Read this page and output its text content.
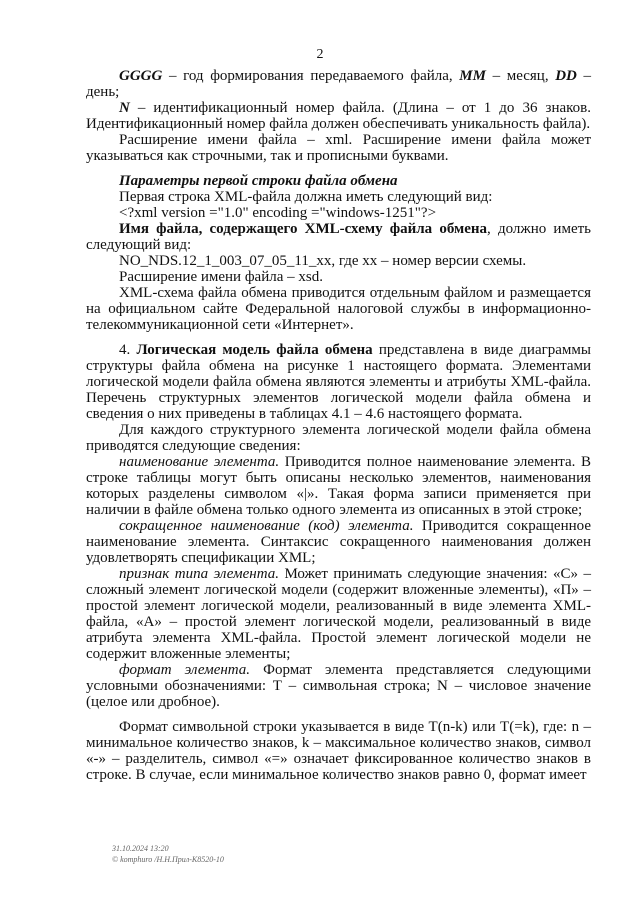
2

GGGG – год формирования передаваемого файла, MM – месяц, DD – день;

N – идентификационный номер файла. (Длина – от 1 до 36 знаков. Идентификационный номер файла должен обеспечивать уникальность файла).

Расширение имени файла – xml. Расширение имени файла может указываться как строчными, так и прописными буквами.

Параметры первой строки файла обмена

Первая строка XML-файла должна иметь следующий вид:

<?xml version ="1.0" encoding ="windows-1251"?>

Имя файла, содержащего XML-схему файла обмена, должно иметь следующий вид:

NO_NDS.12_1_003_07_05_11_xx, где хх – номер версии схемы.

Расширение имени файла – xsd.

XML-схема файла обмена приводится отдельным файлом и размещается на официальном сайте Федеральной налоговой службы в информационно-телекоммуникационной сети «Интернет».

4. Логическая модель файла обмена представлена в виде диаграммы структуры файла обмена на рисунке 1 настоящего формата. Элементами логической модели файла обмена являются элементы и атрибуты XML-файла. Перечень структурных элементов логической модели файла обмена и сведения о них приведены в таблицах 4.1 – 4.6 настоящего формата.

Для каждого структурного элемента логической модели файла обмена приводятся следующие сведения:

наименование элемента. Приводится полное наименование элемента. В строке таблицы могут быть описаны несколько элементов, наименования которых разделены символом «|». Такая форма записи применяется при наличии в файле обмена только одного элемента из описанных в этой строке;

сокращенное наименование (код) элемента. Приводится сокращенное наименование элемента. Синтаксис сокращенного наименования должен удовлетворять спецификации XML;

признак типа элемента. Может принимать следующие значения: «С» – сложный элемент логической модели (содержит вложенные элементы), «П» – простой элемент логической модели, реализованный в виде элемента XML-файла, «А» – простой элемент логической модели, реализованный в виде атрибута элемента XML-файла. Простой элемент логической модели не содержит вложенные элементы;

формат элемента. Формат элемента представляется следующими условными обозначениями: Т – символьная строка; N – числовое значение (целое или дробное).

Формат символьной строки указывается в виде Т(n-k) или Т(=k), где: n – минимальное количество знаков, k – максимальное количество знаков, символ «-» – разделитель, символ «=» означает фиксированное количество знаков в строке. В случае, если минимальное количество знаков равно 0, формат имеет

31.10.2024 13:20
© komphuro /Н.Н.Прил-К8520-10
